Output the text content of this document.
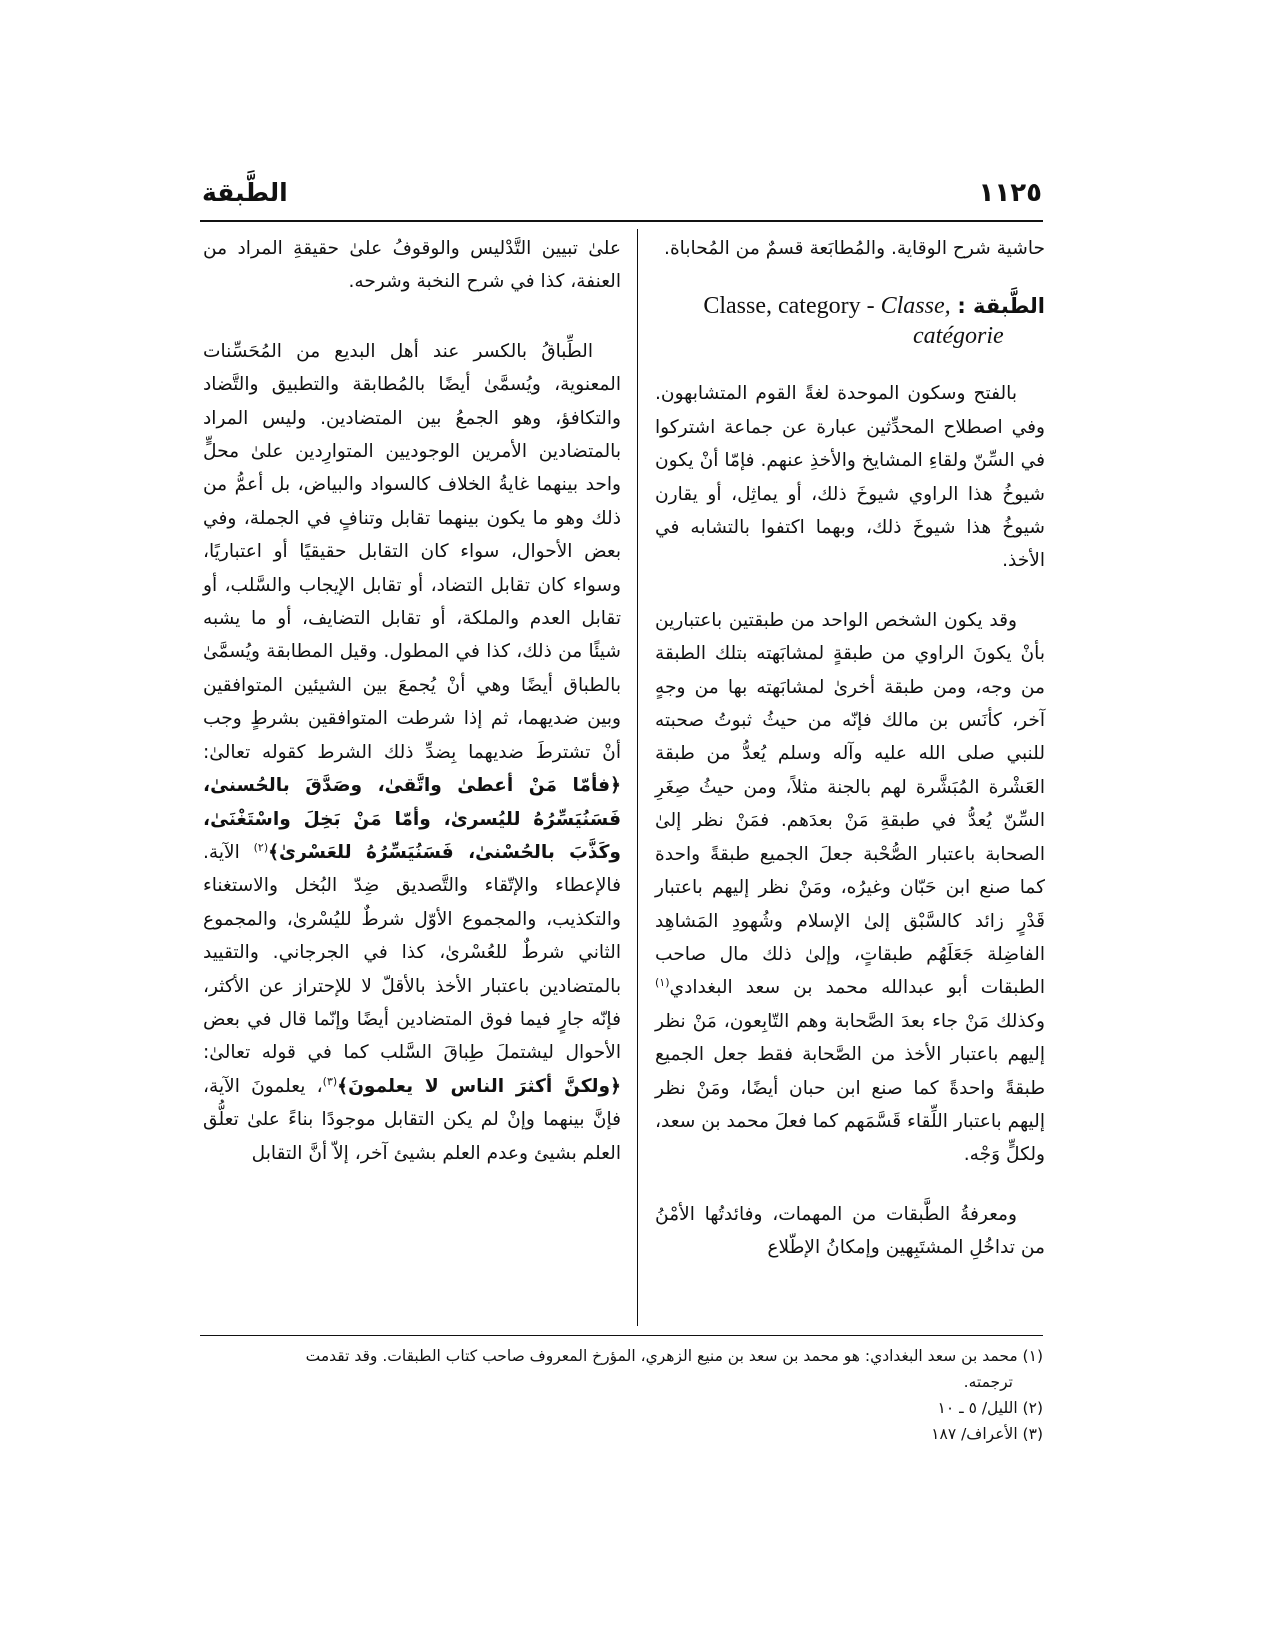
١١٢٥
الطَّبقة

حاشية شرح الوقاية. والمُطابَعة قسمٌ من المُحاباة.

الطَّبقة : Classe, category - Classe,
catégorie

بالفتح وسكون الموحدة لغةً القوم المتشابهون. وفي اصطلاح المحدِّثين عبارة عن جماعة اشتركوا في السِّنّ ولقاءِ المشايخ والأخذِ عنهم. فإمّا أنْ يكون شيوخُ هذا الراوي شيوخَ ذلك، أو يماثِل، أو يقارن شيوخُ هذا شيوخَ ذلك، وبهما اكتفوا بالتشابه في الأخذ.

وقد يكون الشخص الواحد من طبقتين باعتبارين بأنْ يكونَ الراوي من طبقةٍ لمشابَهته بتلك الطبقة من وجه، ومن طبقة أخرىٰ لمشابَهته بها من وجهٍ آخر، كأنَس بن مالك فإنّه من حيثُ ثبوتُ صحبته للنبي صلى الله عليه وآله وسلم يُعدُّ من طبقة العَشْرة المُبَشَّرة لهم بالجنة مثلاً، ومن حيثُ صِغَرِ السِّنّ يُعدُّ في طبقةِ مَنْ بعدَهم. فمَنْ نظر إلىٰ الصحابة باعتبار الصُّحْبة جعلَ الجميع طبقةً واحدة كما صنع ابن حَبّان وغيرُه، ومَنْ نظر إليهم باعتبار قَدْرٍ زائد كالسَّبْق إلىٰ الإسلام وشُهودِ المَشاهِد الفاضِلة جَعَلَهُم طبقاتٍ، وإلىٰ ذلك مال صاحب الطبقات أبو عبدالله محمد بن سعد البغدادي$^{(١)}$ وكذلك مَنْ جاء بعدَ الصَّحابة وهم التّابِعون، مَنْ نظر إليهم باعتبار الأخذ من الصَّحابة فقط جعل الجميع طبقةً واحدةً كما صنع ابن حبان أيضًا، ومَنْ نظر إليهم باعتبار اللِّقاء قَسَّمَهم كما فعلَ محمد بن سعد، ولكلٍّ وَجْه.

ومعرفةُ الطَّبقات من المهمات، وفائدتُها الأمْنُ من تداخُلِ المشتَبِهين وإمكانُ الإطّلاع

علىٰ تبيين التَّدْليس والوقوفُ علىٰ حقيقةِ المراد من العنفة، كذا في شرح النخبة وشرحه.

الطِّباقُ بالكسر عند أهل البديع من المُحَسِّنات المعنوية، ويُسمَّىٰ أيضًا بالمُطابقة والتطبيق والتَّضاد والتكافؤ، وهو الجمعُ بين المتضادين. وليس المراد بالمتضادين الأمرين الوجوديين المتوارِدين علىٰ محلٍّ واحد بينهما غايةُ الخلاف كالسواد والبياض، بل أعمُّ من ذلك وهو ما يكون بينهما تقابل وتنافٍ في الجملة، وفي بعض الأحوال، سواء كان التقابل حقيقيًا أو اعتباريًا، وسواء كان تقابل التضاد، أو تقابل الإيجاب والسَّلب، أو تقابل العدم والملكة، أو تقابل التضايف، أو ما يشبه شيئًا من ذلك، كذا في المطول. وقيل المطابقة ويُسمَّىٰ بالطباق أيضًا وهي أنْ يُجمعَ بين الشيئين المتوافقين وبين ضديهما، ثم إذا شرطت المتوافقين بشرطٍ وجب أنْ تشترطَ ضديهما بِضدِّ ذلك الشرط كقوله تعالىٰ: ﴿فأمّا مَنْ أعطىٰ واتَّقىٰ، وصَدَّقَ بالحُسنىٰ، فَسَنُيَسِّرُهُ لليُسرىٰ، وأمّا مَنْ بَخِلَ واسْتَغْنَىٰ، وكَذَّبَ بالحُسْنىٰ، فَسَنُيَسِّرُهُ للعَسْرىٰ﴾$^{(٢)}$ الآية. فالإعطاء والإتّقاء والتَّصديق ضِدّ البُخل والاستغناء والتكذيب، والمجموع الأوّل شرطٌ لليُسْرىٰ، والمجموع الثاني شرطٌ للعُسْرىٰ، كذا في الجرجاني. والتقييد بالمتضادين باعتبار الأخذ بالأقلّ لا للإحتراز عن الأكثر، فإنّه جارٍ فيما فوق المتضادين أيضًا وإنّما قال في بعض الأحوال ليشتملَ طِباقَ السَّلب كما في قوله تعالىٰ: ﴿ولكنَّ أكثرَ الناس لا يعلمونَ﴾$^{(٣)}$، يعلمونَ الآية، فإنَّ بينهما وإنْ لم يكن التقابل موجودًا بناءً علىٰ تعلُّق العلم بشيئ وعدم العلم بشيئ آخر، إلاّ أنَّ التقابل

(١) محمد بن سعد البغدادي: هو محمد بن سعد بن منيع الزهري، المؤرخ المعروف صاحب كتاب الطبقات. وقد تقدمت

ترجمته.

(٢) الليل/ ٥ ـ ١٠

(٣) الأعراف/ ١٨٧
